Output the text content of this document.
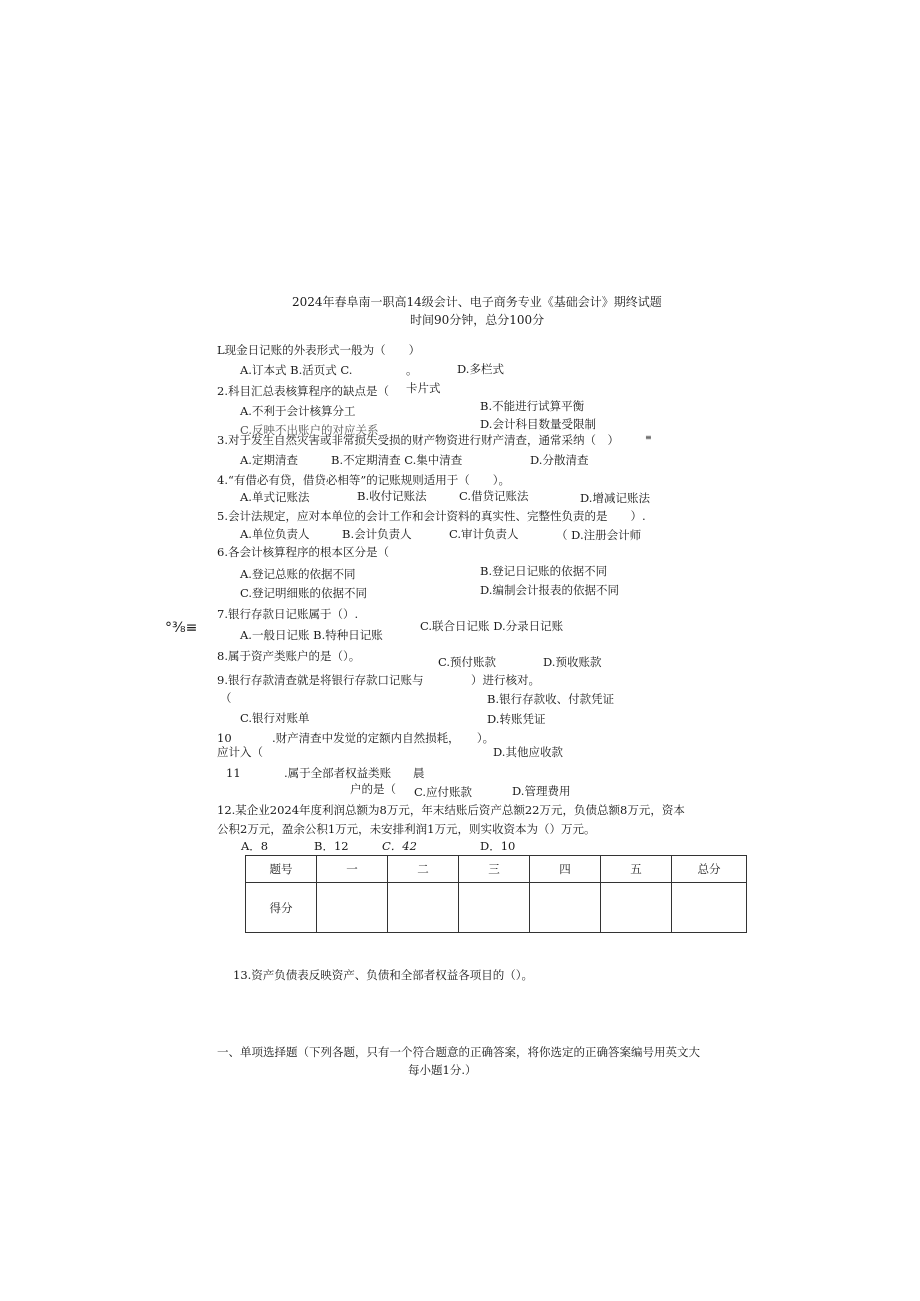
2024年春阜南一职高14级会计、电子商务专业《基础会计》期终试题
时间90分钟，总分100分
°⅜≡
L现金日记账的外表形式一般为（　　）
A.订本式 B.活页式 C.	。	D.多栏式
2.科目汇总表核算程序的缺点是（ 卡片式
B.不能进行试算平衡
A.不利于会计核算分工
D.会计科目数量受限制
C.反映不出账户的对应关系
3.对于发生自然灾害或非常损失受损的财产物资进行财产清查，通常采纳（　）	≡
A.定期清查	B.不定期清查 C.集中清查	D.分散清查
4.“有借必有贷，借贷必相等”的记账规则适用于（　　）。
A.单式记账法	B.收付记账法	C.借贷记账法	D.增减记账法
5.会计法规定，应对本单位的会计工作和会计资料的真实性、完整性负责的是　　）.
A.单位负责人	B.会计负责人	C.审计负责人	（ D.注册会计师
6.各会计核算程序的根本区分是（
B.登记日记账的依据不同
A.登记总账的依据不同
D.编制会计报表的依据不同
C.登记明细账的依据不同
7.银行存款日记账属于（）.
C.联合日记账 D.分录日记账
A.一般日记账 B.特种日记账
8.属于资产类账户的是（）。	C.预付账款	D.预收账款
9.银行存款清查就是将银行存款口记账与	）进行核对。
（	B.银行存款收、付款凭证
C.银行对账单	D.转账凭证
10	.财产清查中发觉的定额内自然损耗，　　）。
应计入（	D.其他应收款
11	.属于全部者权益类账 晨
户的是（ C.应付账款	D.管理费用
12.某企业2024年度利润总额为8万元，年末结账后资产总额22万元，负债总额8万元，资本
公积2万元，盈余公积1万元，未安排利润1万元，则实收资本为（）万元。
A．8	B．12	C．42	D．10
题号	一	二	三	四	五	总分
得分						
13.资产负债表反映资产、负债和全部者权益各项目的（）。
一、单项选择题（下列各题，只有一个符合题意的正确答案，将你选定的正确答案编号用英文大
每小题1分.）
